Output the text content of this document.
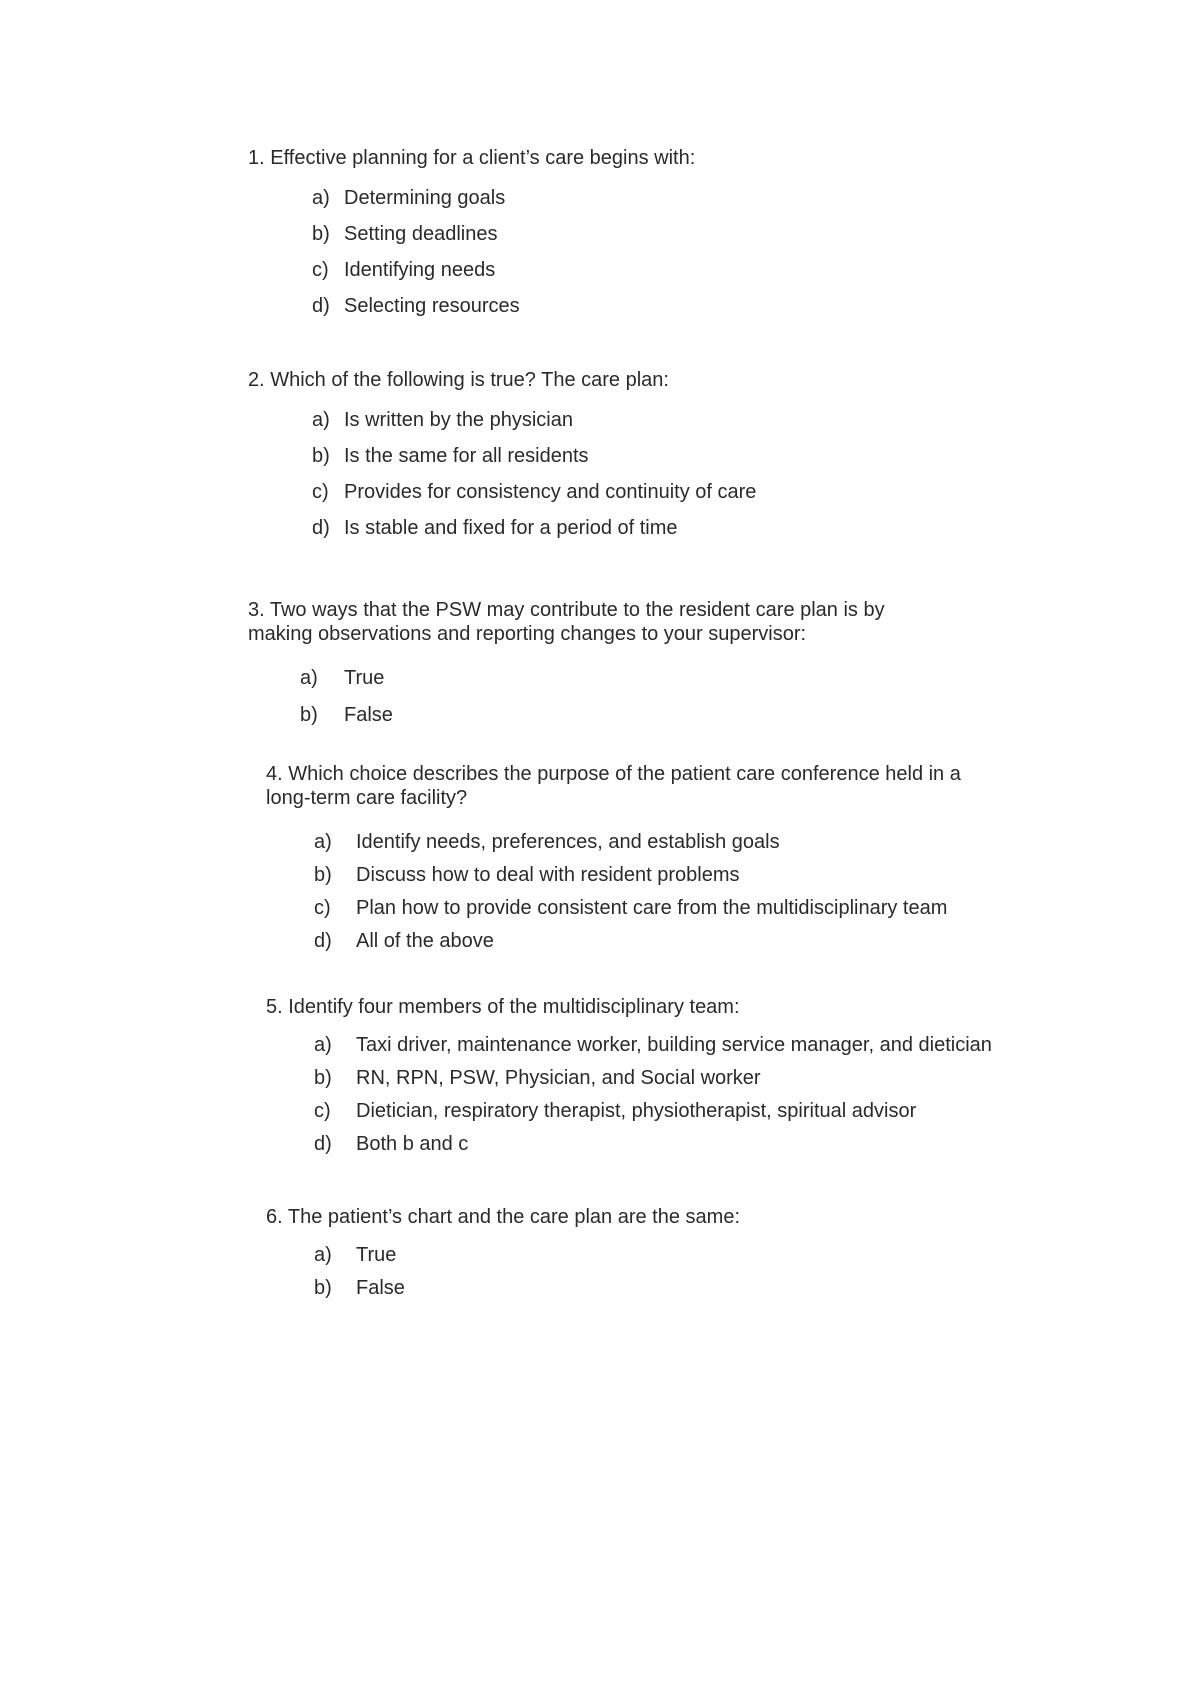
1. Effective planning for a client’s care begins with:

a) Determining goals
b) Setting deadlines
c) Identifying needs
d) Selecting resources

2. Which of the following is true? The care plan:

a) Is written by the physician
b) Is the same for all residents
c) Provides for consistency and continuity of care
d) Is stable and fixed for a period of time

3. Two ways that the PSW may contribute to the resident care plan is by
making observations and reporting changes to your supervisor:

a)	True
b)	False

4. Which choice describes the purpose of the patient care conference held in a
long-term care facility?

a)	Identify needs, preferences, and establish goals
b)	Discuss how to deal with resident problems
c)	Plan how to provide consistent care from the multidisciplinary team
d)	All of the above

5. Identify four members of the multidisciplinary team:

a)	Taxi driver, maintenance worker, building service manager, and dietician
b)	RN, RPN, PSW, Physician, and Social worker
c)	Dietician, respiratory therapist, physiotherapist, spiritual advisor
d)	Both b and c

6. The patient’s chart and the care plan are the same:

a)	True
b)	False
